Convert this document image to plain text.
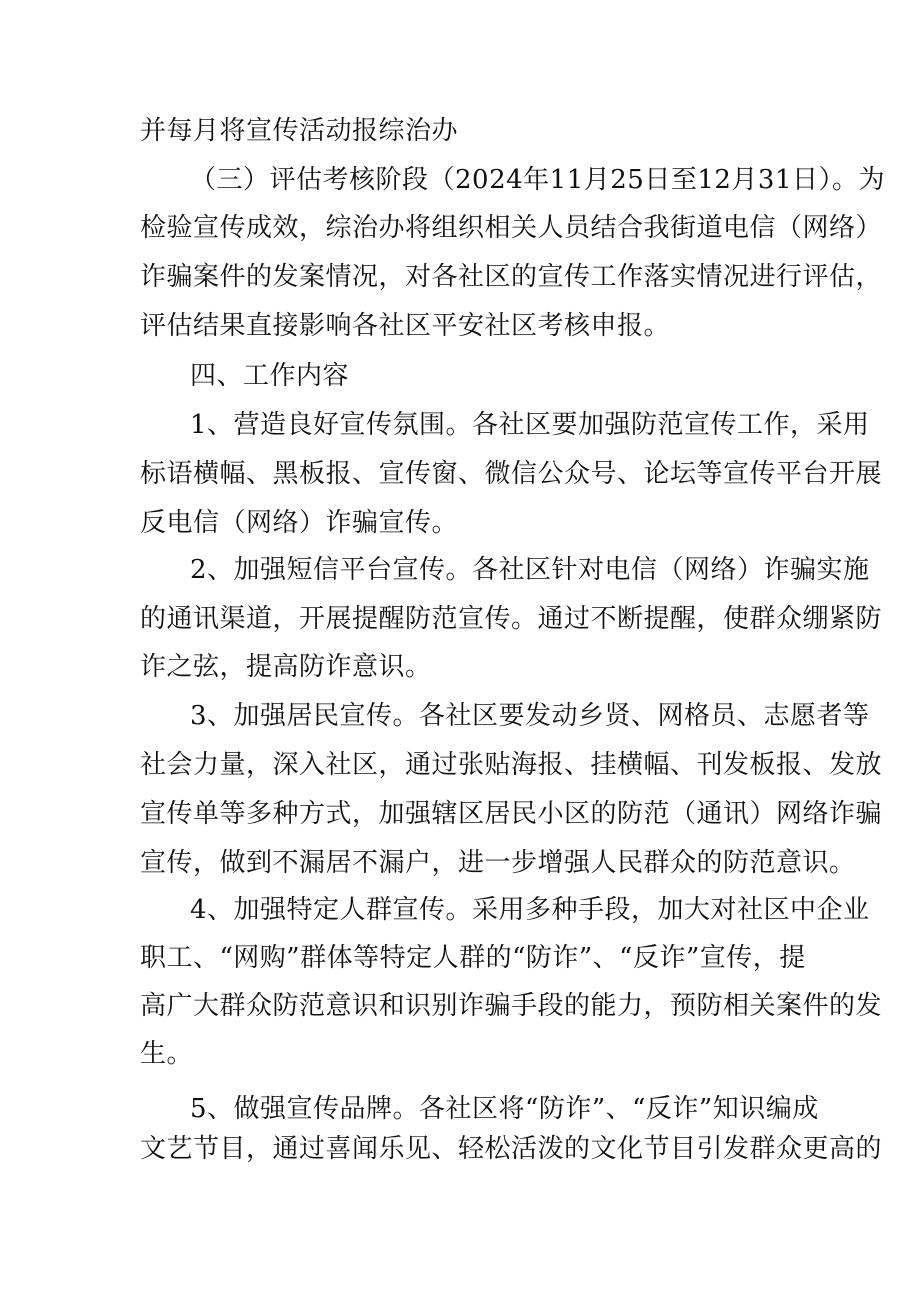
并每月将宣传活动报综治办
（三）评估考核阶段（2024年11月25日至12月31日）。为
检验宣传成效，综治办将组织相关人员结合我街道电信（网络）
诈骗案件的发案情况，对各社区的宣传工作落实情况进行评估，
评估结果直接影响各社区平安社区考核申报。
四、工作内容
1、营造良好宣传氛围。各社区要加强防范宣传工作，采用
标语横幅、黑板报、宣传窗、微信公众号、论坛等宣传平台开展
反电信（网络）诈骗宣传。
2、加强短信平台宣传。各社区针对电信（网络）诈骗实施
的通讯渠道，开展提醒防范宣传。通过不断提醒，使群众绷紧防
诈之弦，提高防诈意识。
3、加强居民宣传。各社区要发动乡贤、网格员、志愿者等
社会力量，深入社区，通过张贴海报、挂横幅、刊发板报、发放
宣传单等多种方式，加强辖区居民小区的防范（通讯）网络诈骗
宣传，做到不漏居不漏户，进一步增强人民群众的防范意识。
4、加强特定人群宣传。采用多种手段，加大对社区中企业
职工、“网购”群体等特定人群的“防诈”、“反诈”宣传，提
高广大群众防范意识和识别诈骗手段的能力，预防相关案件的发
生。
5、做强宣传品牌。各社区将“防诈”、“反诈”知识编成
文艺节目，通过喜闻乐见、轻松活泼的文化节目引发群众更高的
